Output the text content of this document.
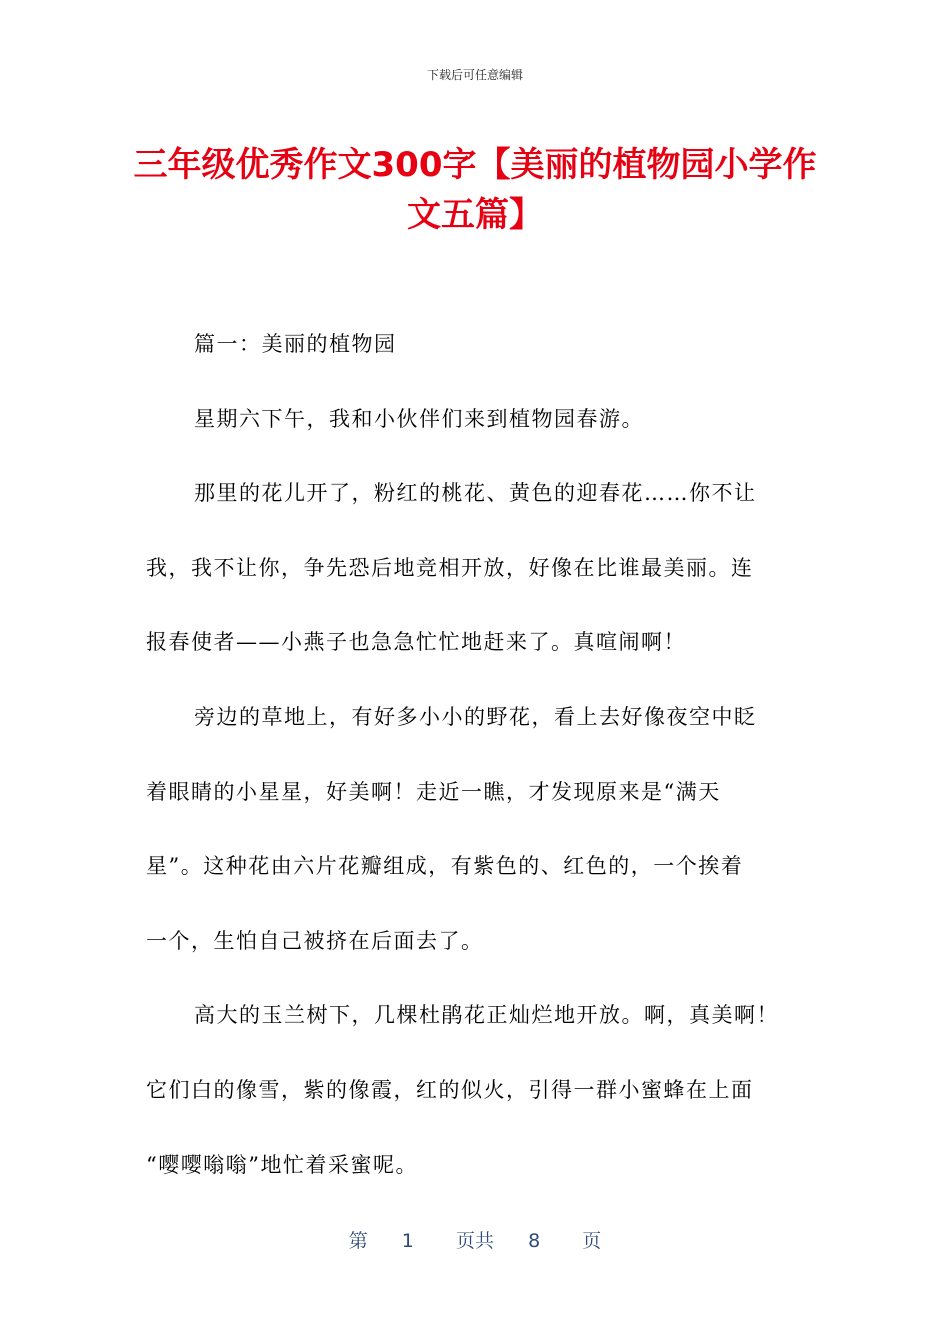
下载后可任意编辑
三年级优秀作文300字【美丽的植物园小学作文五篇】
篇一：美丽的植物园
星期六下午，我和小伙伴们来到植物园春游。
那里的花儿开了，粉红的桃花、黄色的迎春花……你不让
我，我不让你，争先恐后地竞相开放，好像在比谁最美丽。连
报春使者——小燕子也急急忙忙地赶来了。真喧闹啊！
旁边的草地上，有好多小小的野花，看上去好像夜空中眨
着眼睛的小星星，好美啊！走近一瞧，才发现原来是“满天
星”。这种花由六片花瓣组成，有紫色的、红色的，一个挨着
一个，生怕自己被挤在后面去了。
高大的玉兰树下，几棵杜鹃花正灿烂地开放。啊，真美啊！
它们白的像雪，紫的像霞，红的似火，引得一群小蜜蜂在上面
“嘤嘤嗡嗡”地忙着采蜜呢。
第 1 页共 8 页
